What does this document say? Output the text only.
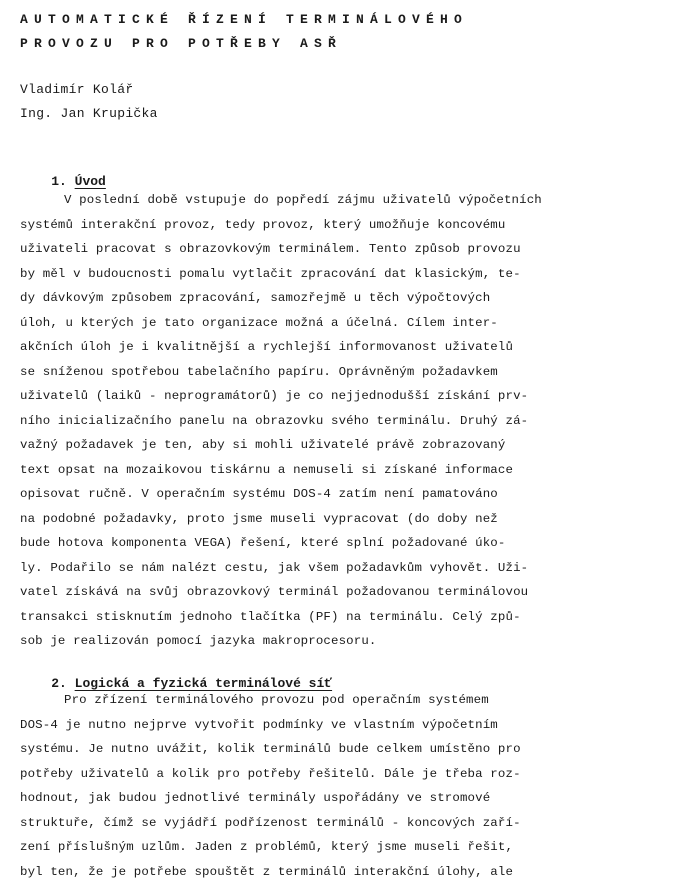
AUTOMATICKÉ ŘÍZENÍ TERMINÁLOVÉHO
PROVOZU PRO POTŘEBY ASŘ
Vladimír Kolář
Ing. Jan Krupička

1. Úvod

V poslední době vstupuje do popředí zájmu uživatelů výpočetních
systémů interakční provoz, tedy provoz, který umožňuje koncovému
uživateli pracovat s obrazovkovým terminálem. Tento způsob provozu
by měl v budoucnosti pomalu vytlačit zpracování dat klasickým, te-
dy dávkovým způsobem zpracování, samozřejmě u těch výpočtových
úloh, u kterých je tato organizace možná a účelná. Cílem inter-
akčních úloh je i kvalitnější a rychlejší informovanost uživatelů
se sníženou spotřebou tabelačního papíru. Oprávněným požadavkem
uživatelů (laiků - neprogramátorů) je co nejjednodušší získání prv-
ního inicializačního panelu na obrazovku svého terminálu. Druhý zá-
važný požadavek je ten, aby si mohli uživatelé právě zobrazovaný
text opsat na mozaikovou tiskárnu a nemuseli si získané informace
opisovat ručně. V operačním systému DOS-4 zatím není pamatováno
na podobné požadavky, proto jsme museli vypracovat (do doby než
bude hotova komponenta VEGA) řešení, které splní požadované úko-
ly. Podařilo se nám nalézt cestu, jak všem požadavkům vyhovět. Uži-
vatel získává na svůj obrazovkový terminál požadovanou terminálovou
transakci stisknutím jednoho tlačítka (PF) na terminálu. Celý způ-
sob je realizován pomocí jazyka makroprocesoru.

2. Logická a fyzická terminálové síť

Pro zřízení terminálového provozu pod operačním systémem
DOS-4 je nutno nejprve vytvořit podmínky ve vlastním výpočetním
systému. Je nutno uvážit, kolik terminálů bude celkem umístěno pro
potřeby uživatelů a kolik pro potřeby řešitelů. Dále je třeba roz-
hodnout, jak budou jednotlivé terminály uspořádány ve stromové
struktuře, čímž se vyjádří podřízenost terminálů - koncových zaří-
zení příslušným uzlům. Jaden z problémů, který jsme museli řešit,
byl ten, že je potřebe spouštět z terminálů interakční úlohy, ale
